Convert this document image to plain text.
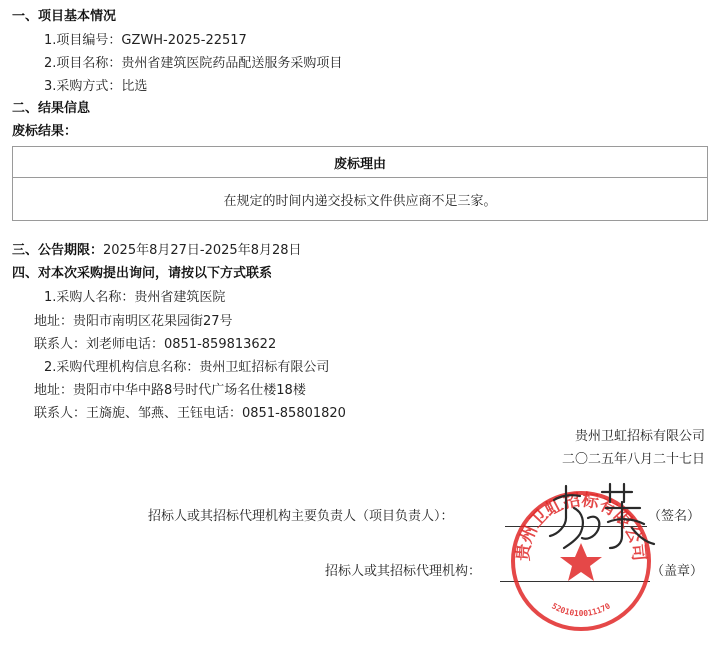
一、项目基本情况
1.项目编号：GZWH-2025-22517
2.项目名称：贵州省建筑医院药品配送服务采购项目
3.采购方式：比选
二、结果信息
废标结果：
废标理由
在规定的时间内递交投标文件供应商不足三家。
三、公告期限：2025年8月27日-2025年8月28日
四、对本次采购提出询问，请按以下方式联系
1.采购人名称：贵州省建筑医院
地址：贵阳市南明区花果园街27号
联系人：刘老师电话：0851-859813622
2.采购代理机构信息名称：贵州卫虹招标有限公司
地址：贵阳市中华中路8号时代广场名仕楼18楼
联系人：王旖旎、邹燕、王钰电话：0851-85801820
贵州卫虹招标有限公司
二〇二五年八月二十七日
招标人或其招标代理机构主要负责人（项目负责人）：	（签名）
招标人或其招标代理机构：	（盖章）
贵州卫虹招标有限公司
5201010011170
